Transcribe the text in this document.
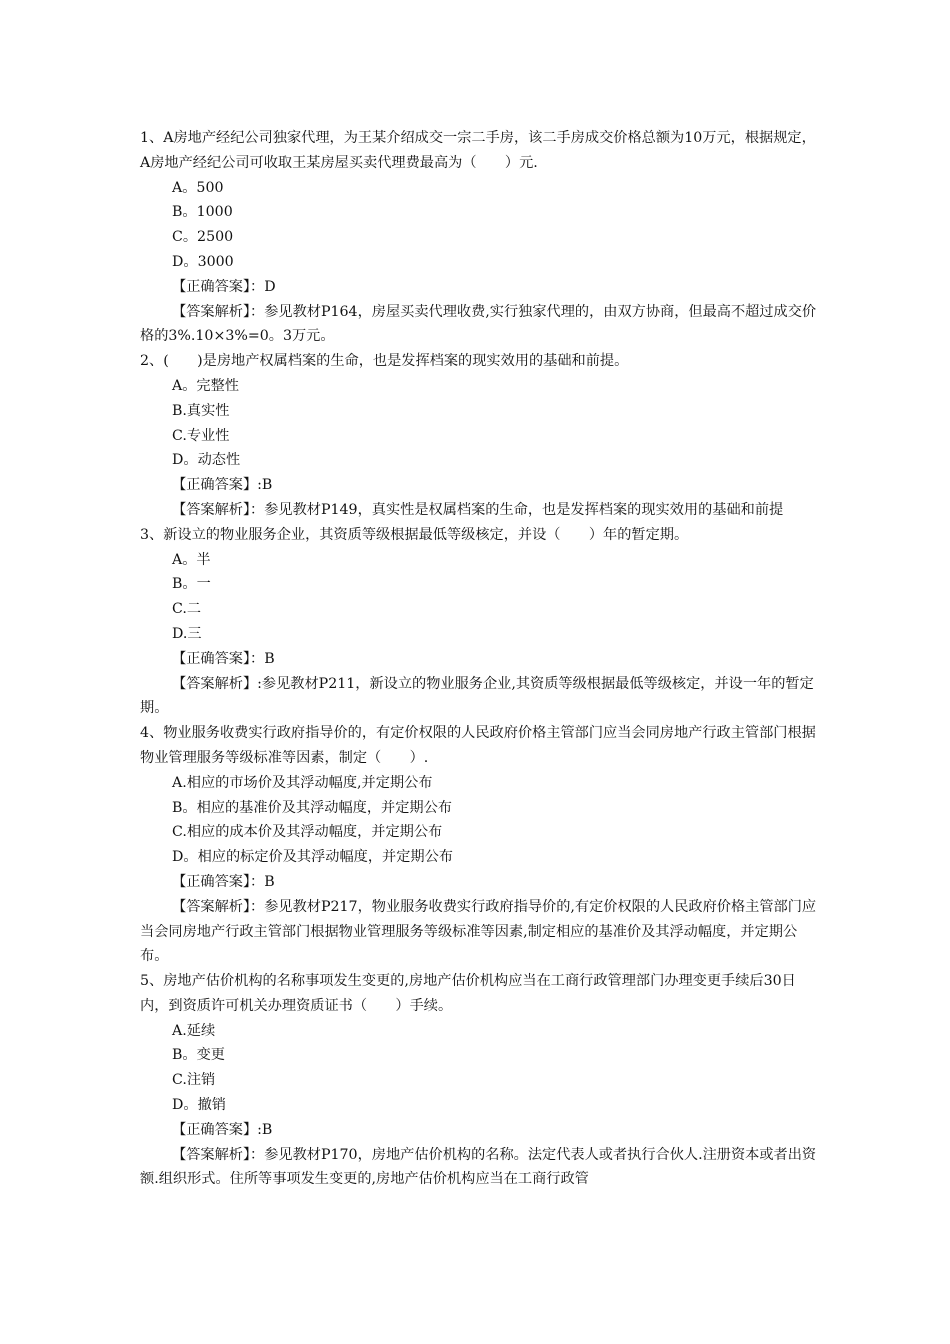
1、A房地产经纪公司独家代理，为王某介绍成交一宗二手房，该二手房成交价格总额为10万元，根据规定，A房地产经纪公司可收取王某房屋买卖代理费最高为（　　）元.

A。500

B。1000

C。2500

D。3000

【正确答案】：D

【答案解析】：参见教材P164，房屋买卖代理收费,实行独家代理的，由双方协商，但最高不超过成交价格的3%.10×3%=0。3万元。

2、(　　)是房地产权属档案的生命，也是发挥档案的现实效用的基础和前提。

A。完整性

B.真实性

C.专业性

D。动态性

【正确答案】:B

【答案解析】：参见教材P149，真实性是权属档案的生命，也是发挥档案的现实效用的基础和前提

3、新设立的物业服务企业，其资质等级根据最低等级核定，并设（　　）年的暂定期。

A。半

B。一

C.二

D.三

【正确答案】：B

【答案解析】:参见教材P211，新设立的物业服务企业,其资质等级根据最低等级核定，并设一年的暂定期。

4、物业服务收费实行政府指导价的，有定价权限的人民政府价格主管部门应当会同房地产行政主管部门根据物业管理服务等级标准等因素，制定（　　）.

A.相应的市场价及其浮动幅度,并定期公布

B。相应的基准价及其浮动幅度，并定期公布

C.相应的成本价及其浮动幅度，并定期公布

D。相应的标定价及其浮动幅度，并定期公布

【正确答案】：B

【答案解析】：参见教材P217，物业服务收费实行政府指导价的,有定价权限的人民政府价格主管部门应当会同房地产行政主管部门根据物业管理服务等级标准等因素,制定相应的基准价及其浮动幅度，并定期公布。

5、房地产估价机构的名称事项发生变更的,房地产估价机构应当在工商行政管理部门办理变更手续后30日内，到资质许可机关办理资质证书（　　）手续。

A.延续

B。变更

C.注销

D。撤销

【正确答案】:B

【答案解析】：参见教材P170，房地产估价机构的名称。法定代表人或者执行合伙人.注册资本或者出资额.组织形式。住所等事项发生变更的,房地产估价机构应当在工商行政管
